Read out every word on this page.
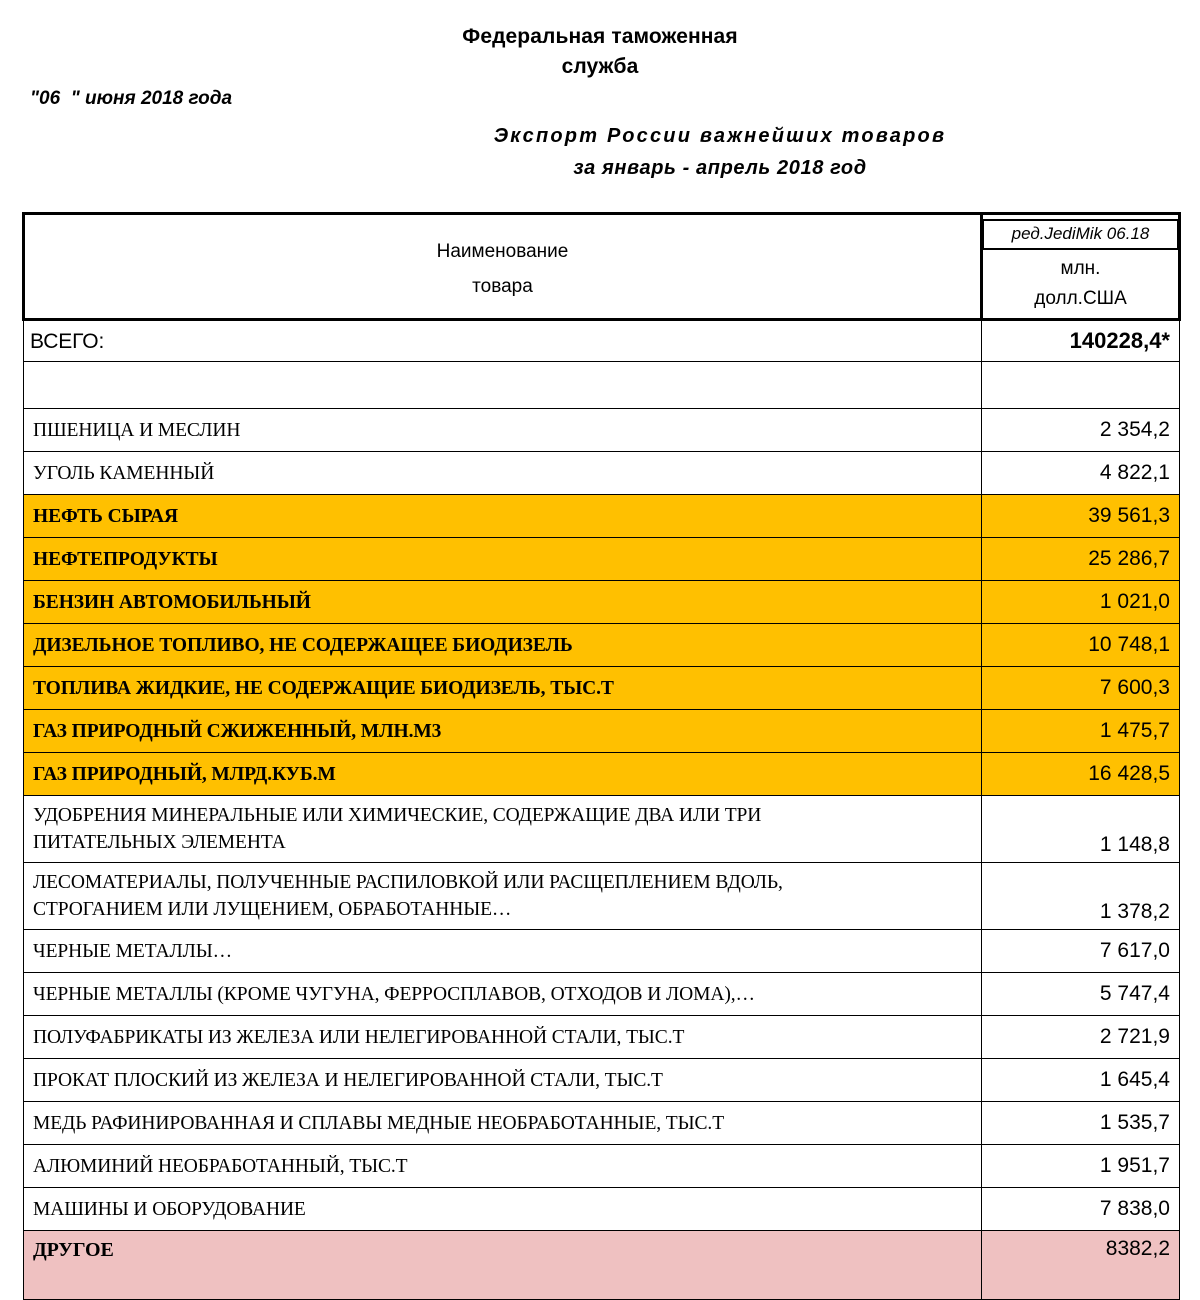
Федеральная таможенная
служба
"06  " июня 2018 года
Экспорт России важнейших товаров
за январь - апрель 2018 год
Наименование
товара

ред.JediMik 06.18
млн.
долл.США

ВСЕГО:	140228,4*

ПШЕНИЦА И МЕСЛИН	2 354,2
УГОЛЬ КАМЕННЫЙ	4 822,1
НЕФТЬ СЫРАЯ	39 561,3
НЕФТЕПРОДУКТЫ	25 286,7
БЕНЗИН АВТОМОБИЛЬНЫЙ	1 021,0
ДИЗЕЛЬНОЕ ТОПЛИВО, НЕ СОДЕРЖАЩЕЕ БИОДИЗЕЛЬ	10 748,1
ТОПЛИВА ЖИДКИЕ, НЕ СОДЕРЖАЩИЕ БИОДИЗЕЛЬ, ТЫС.Т	7 600,3
ГАЗ ПРИРОДНЫЙ СЖИЖЕННЫЙ, МЛН.М3	1 475,7
ГАЗ ПРИРОДНЫЙ, МЛРД.КУБ.М	16 428,5

УДОБРЕНИЯ МИНЕРАЛЬНЫЕ ИЛИ ХИМИЧЕСКИЕ, СОДЕРЖАЩИЕ ДВА ИЛИ ТРИ
ПИТАТЕЛЬНЫХ ЭЛЕМЕНТА	1 148,8

ЛЕСОМАТЕРИАЛЫ, ПОЛУЧЕННЫЕ РАСПИЛОВКОЙ ИЛИ РАСЩЕПЛЕНИЕМ ВДОЛЬ,
СТРОГАНИЕМ ИЛИ ЛУЩЕНИЕМ, ОБРАБОТАННЫЕ…	1 378,2
ЧЕРНЫЕ МЕТАЛЛЫ…	7 617,0
ЧЕРНЫЕ МЕТАЛЛЫ (КРОМЕ ЧУГУНА, ФЕРРОСПЛАВОВ, ОТХОДОВ И ЛОМА),…	5 747,4
ПОЛУФАБРИКАТЫ ИЗ ЖЕЛЕЗА ИЛИ НЕЛЕГИРОВАННОЙ СТАЛИ, ТЫС.Т	2 721,9
ПРОКАТ ПЛОСКИЙ ИЗ ЖЕЛЕЗА И НЕЛЕГИРОВАННОЙ СТАЛИ, ТЫС.Т	1 645,4
МЕДЬ РАФИНИРОВАННАЯ И СПЛАВЫ МЕДНЫЕ НЕОБРАБОТАННЫЕ, ТЫС.Т	1 535,7
АЛЮМИНИЙ НЕОБРАБОТАННЫЙ, ТЫС.Т	1 951,7
МАШИНЫ И ОБОРУДОВАНИЕ	7 838,0
ДРУГОЕ	8382,2
